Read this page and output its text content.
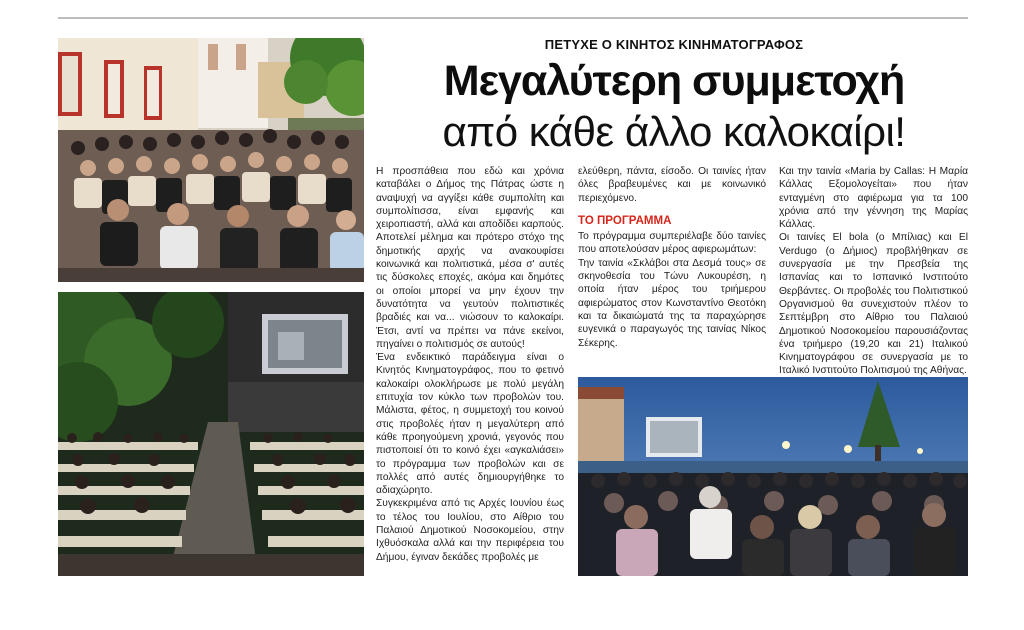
ΠΕΤΥΧΕ Ο ΚΙΝΗΤΟΣ ΚΙΝΗΜΑΤΟΓΡΑΦΟΣ
Μεγαλύτερη συμμετοχή
από κάθε άλλο καλοκαίρι!

Η προσπάθεια που εδώ και χρόνια καταβάλει ο Δήμος της Πάτρας ώστε η αναψυχή να αγγίξει κάθε συμπολίτη και συμπολίτισσα, είναι εμφανής και χειροπιαστή, αλλά και αποδίδει καρπούς. Αποτελεί μέλημα και πρότερο στόχο της δημοτικής αρχής να ανακουφίσει κοινωνικά και πολιτιστικά, μέσα σ' αυτές τις δύσκολες εποχές, ακόμα και δημότες οι οποίοι μπορεί να μην έχουν την δυνατότητα να γευτούν πολιτιστικές βραδιές και να... νιώσουν το καλοκαίρι. Έτσι, αντί να πρέπει να πάνε εκείνοι, πηγαίνει ο πολιτισμός σε αυτούς!

Ένα ενδεικτικό παράδειγμα είναι ο Κινητός Κινηματογράφος, που το φετινό καλοκαίρι ολοκλήρωσε με πολύ μεγάλη επιτυχία τον κύκλο των προβολών του. Μάλιστα, φέτος, η συμμετοχή του κοινού στις προβολές ήταν η μεγαλύτερη από κάθε προηγούμενη χρονιά, γεγονός που πιστοποιεί ότι το κοινό έχει «αγκαλιάσει» το πρόγραμμα των προβολών και σε πολλές από αυτές δημιουργήθηκε το αδιαχώρητο.

Συγκεκριμένα από τις Αρχές Ιουνίου έως το τέλος του Ιουλίου, στο Αίθριο του Παλαιού Δημοτικού Νοσοκομείου, στην Ιχθυόσκαλα αλλά και την περιφέρεια του Δήμου, έγιναν δεκάδες προβολές με

ελεύθερη, πάντα, είσοδο. Οι ταινίες ήταν όλες βραβευμένες και με κοινωνικό περιεχόμενο.

ΤΟ ΠΡΟΓΡΑΜΜΑ

Το πρόγραμμα συμπεριέλαβε δύο ταινίες που αποτελούσαν μέρος αφιερωμάτων:

Την ταινία «Σκλάβοι στα Δεσμά τους» σε σκηνοθεσία του Τώνυ Λυκουρέση, η οποία ήταν μέρος του τριήμερου αφιερώματος στον Κωνσταντίνο Θεοτόκη και τα δικαιώματά της τα παραχώρησε ευγενικά ο παραγωγός της ταινίας Νίκος Σέκερης.

Και την ταινία «Maria by Callas: Η Μαρία Κάλλας Εξομολογείται» που ήταν ενταγμένη στο αφιέρωμα για τα 100 χρόνια από την γέννηση της Μαρίας Κάλλας.

Οι ταινίες El bola (ο Μπίλιας) και El Verdugo (ο Δήμιος) προβλήθηκαν σε συνεργασία με την Πρεσβεία της Ισπανίας και το Ισπανικό Ινστιτούτο Θερβάντες. Οι προβολές του Πολιτιστικού Οργανισμού θα συνεχιστούν πλέον το Σεπτέμβρη στο Αίθριο του Παλαιού Δημοτικού Νοσοκομείου παρουσιάζοντας ένα τριήμερο (19,20 και 21) Ιταλικού Κινηματογράφου σε συνεργασία με το Ιταλικό Ινστιτούτο Πολιτισμού της Αθήνας.
